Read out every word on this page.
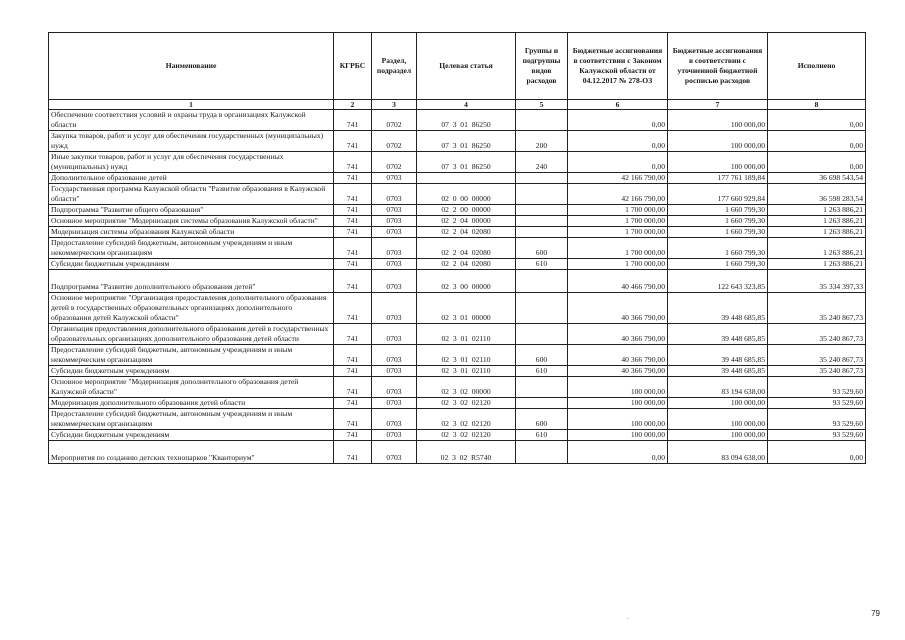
Наименование	КГРБС	Раздел, подраздел	Целевая статья	Группы и подгруппы видов расходов	Бюджетные ассигнования в соответствии с Законом Калужской области от 04.12.2017 № 278-ОЗ	Бюджетные ассигнования в соответствии с уточненной бюджетной росписью расходов	Исполнено
1	2	3	4	5	6	7	8
Обеспечение соответствия условий и охраны труда в организациях Калужской области	741	0702	07  3  01  86250		0,00	100 000,00	0,00
Закупка товаров, работ и услуг для обеспечения государственных (муниципальных) нужд	741	0702	07  3  01  86250	200	0,00	100 000,00	0,00
Иные закупки товаров, работ и услуг для обеспечения государственных (муниципальных) нужд	741	0702	07  3  01  86250	240	0,00	100 000,00	0,00
Дополнительное образование детей	741	0703			42 166 790,00	177 761 189,84	36 698 543,54
Государственная программа Калужской области "Развитие образования в Калужской области"	741	0703	02  0  00  00000		42 166 790,00	177 660 929,84	36 598 283,54
Подпрограмма "Развитие общего образования"	741	0703	02  2  00  00000		1 700 000,00	1 660 799,30	1 263 886,21
Основное мероприятие "Модернизация системы образования Калужской области"	741	0703	02  2  04  00000		1 700 000,00	1 660 799,30	1 263 886,21
Модернизация системы образования Калужской области	741	0703	02  2  04  02080		1 700 000,00	1 660 799,30	1 263 886,21
Предоставление субсидий бюджетным, автономным учреждениям и иным некоммерческим организациям	741	0703	02  2  04  02080	600	1 700 000,00	1 660 799,30	1 263 886,21
Субсидии бюджетным учреждениям	741	0703	02  2  04  02080	610	1 700 000,00	1 660 799,30	1 263 886,21
Подпрограмма "Развитие дополнительного образования детей"	741	0703	02  3  00  00000		40 466 790,00	122 643 323,85	35 334 397,33
Основное мероприятие "Организация предоставления дополнительного образования детей в государственных образовательных организациях дополнительного образования детей Калужской области"	741	0703	02  3  01  00000		40 366 790,00	39 448 685,85	35 240 867,73
Организация предоставления дополнительного образования детей в государственных образовательных организациях дополнительного образования детей области	741	0703	02  3  01  02110		40 366 790,00	39 448 685,85	35 240 867,73
Предоставление субсидий бюджетным, автономным учреждениям и иным некоммерческим организациям	741	0703	02  3  01  02110	600	40 366 790,00	39 448 685,85	35 240 867,73
Субсидии бюджетным учреждениям	741	0703	02  3  01  02110	610	40 366 790,00	39 448 685,85	35 240 867,73
Основное мероприятие "Модернизация дополнительного образования детей Калужской области"	741	0703	02  3  02  00000		100 000,00	83 194 638,00	93 529,60
Модернизация дополнительного образования детей области	741	0703	02  3  02  02120		100 000,00	100 000,00	93 529,60
Предоставление субсидий бюджетным, автономным учреждениям и иным некоммерческим организациям	741	0703	02  3  02  02120	600	100 000,00	100 000,00	93 529,60
Субсидии бюджетным учреждениям	741	0703	02  3  02  02120	610	100 000,00	100 000,00	93 529,60
Мероприятия по созданию детских технопарков "Кванториум"	741	0703	02  3  02  R5740		0,00	83 094 638,00	0,00
79
.
